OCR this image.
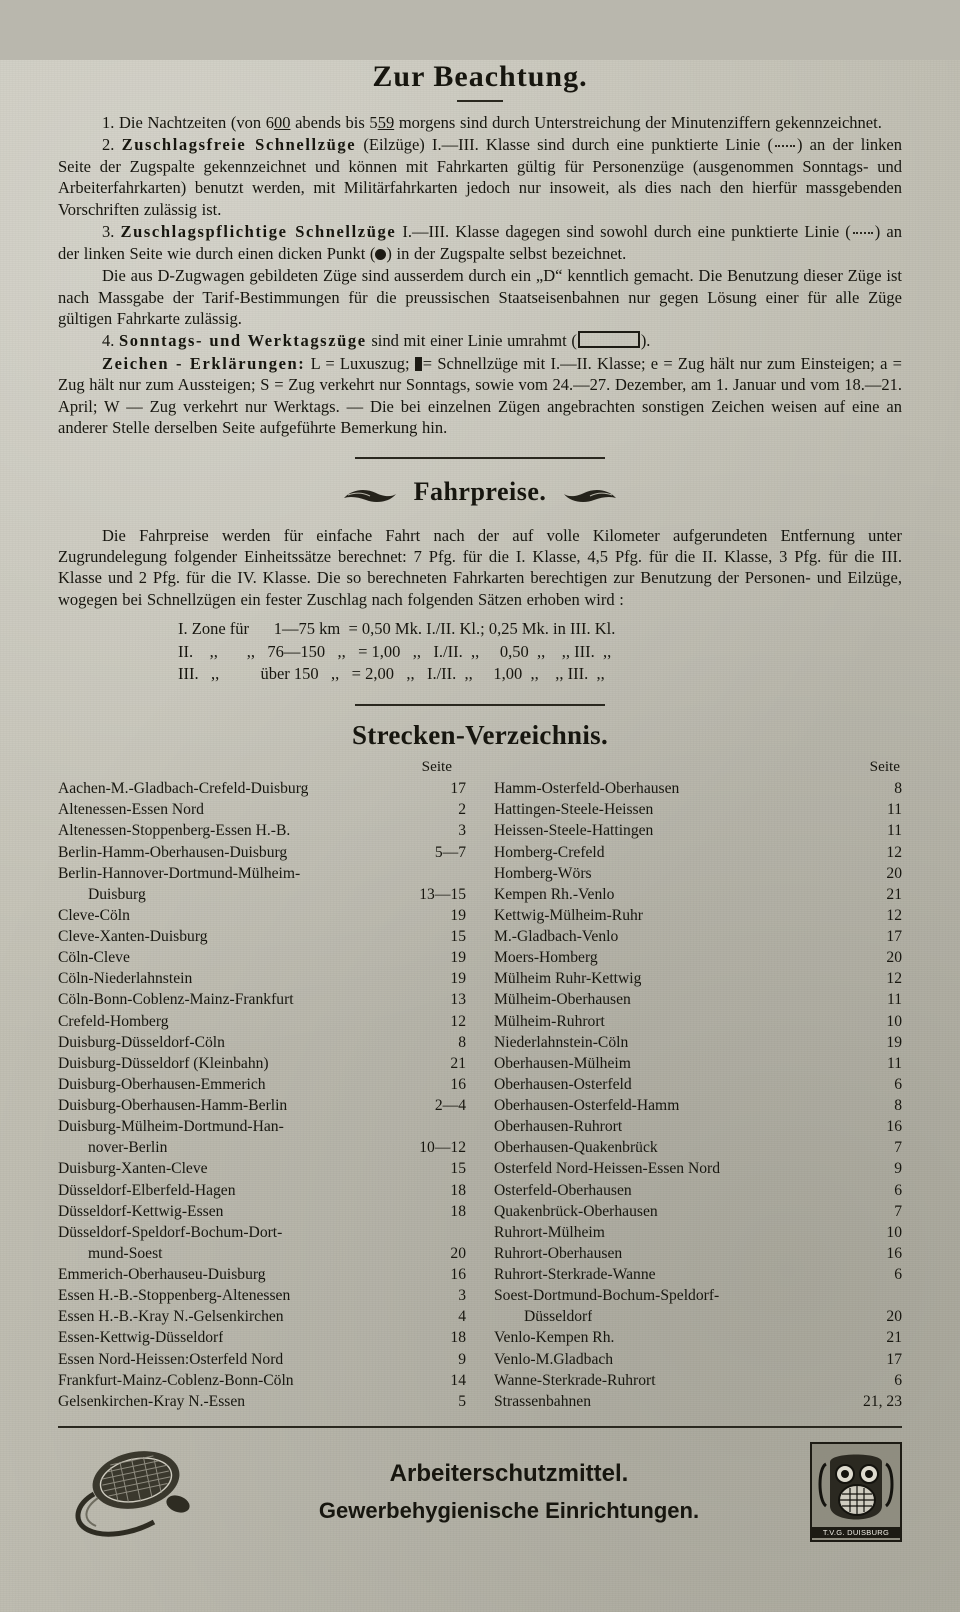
Zur Beachtung.

1. Die Nachtzeiten (von 600 abends bis 559 morgens sind durch Unterstreichung der Minutenziffern gekennzeichnet.

2. Zuschlagsfreie Schnellzüge (Eilzüge) I.—III. Klasse sind durch eine punktierte Linie ( ) an der linken Seite der Zugspalte gekennzeichnet und können mit Fahrkarten gültig für Personenzüge (ausgenommen Sonntags- und Arbeiterfahrkarten) benutzt werden, mit Militärfahrkarten jedoch nur insoweit, als dies nach den hierfür massgebenden Vorschriften zulässig ist.

3. Zuschlagspflichtige Schnellzüge I.—III. Klasse dagegen sind sowohl durch eine punktierte Linie ( ) an der linken Seite wie durch einen dicken Punkt ( ) in der Zugspalte selbst bezeichnet.

Die aus D-Zugwagen gebildeten Züge sind ausserdem durch ein „D“ kenntlich gemacht. Die Benutzung dieser Züge ist nach Massgabe der Tarif-Bestimmungen für die preussischen Staatseisenbahnen nur gegen Lösung einer für alle Züge gültigen Fahrkarte zulässig.

4. Sonntags- und Werktagszüge sind mit einer Linie umrahmt (	).

Zeichen - Erklärungen: L = Luxuszug; = Schnellzüge mit I.—II. Klasse; e = Zug hält nur zum Einsteigen; a = Zug hält nur zum Aussteigen; S = Zug verkehrt nur Sonntags, sowie vom 24.—27. Dezember, am 1. Januar und vom 18.—21. April; W — Zug verkehrt nur Werktags. — Die bei einzelnen Zügen angebrachten sonstigen Zeichen weisen auf eine an anderer Stelle derselben Seite aufgeführte Bemerkung hin.

Fahrpreise.

Die Fahrpreise werden für einfache Fahrt nach der auf volle Kilometer aufgerundeten Entfernung unter Zugrundelegung folgender Einheitssätze berechnet: 7 Pfg. für die I. Klasse, 4,5 Pfg. für die II. Klasse, 3 Pfg. für die III. Klasse und 2 Pfg. für die IV. Klasse. Die so berechneten Fahrkarten berechtigen zur Benutzung der Personen- und Eilzüge, wogegen bei Schnellzügen ein fester Zuschlag nach folgenden Sätzen erhoben wird :

I. Zone für      1—75 km  = 0,50 Mk. I./II. Kl.; 0,25 Mk. in III. Kl.
II.    ,,       ,,   76—150   ,,   = 1,00   ,,   I./II.  ,,     0,50  ,,    ,, III.  ,,
III.   ,,          über 150   ,,   = 2,00   ,,   I./II.  ,,     1,00  ,,    ,, III.  ,,
Strecken-Verzeichnis.
Seite
Aachen-M.-Gladbach-Crefeld-Duisburg	17
Altenessen-Essen Nord	2
Altenessen-Stoppenberg-Essen H.-B.	3
Berlin-Hamm-Oberhausen-Duisburg	5—7
Berlin-Hannover-Dortmund-Mülheim-
Duisburg	13—15
Cleve-Cöln	19
Cleve-Xanten-Duisburg	15
Cöln-Cleve	19
Cöln-Niederlahnstein	19
Cöln-Bonn-Coblenz-Mainz-Frankfurt	13
Crefeld-Homberg	12
Duisburg-Düsseldorf-Cöln	8
Duisburg-Düsseldorf (Kleinbahn)	21
Duisburg-Oberhausen-Emmerich	16
Duisburg-Oberhausen-Hamm-Berlin	2—4
Duisburg-Mülheim-Dortmund-Han-
nover-Berlin	10—12
Duisburg-Xanten-Cleve	15
Düsseldorf-Elberfeld-Hagen	18
Düsseldorf-Kettwig-Essen	18
Düsseldorf-Speldorf-Bochum-Dort-
mund-Soest	20
Emmerich-Oberhauseu-Duisburg	16
Essen H.-B.-Stoppenberg-Altenessen	3
Essen H.-B.-Kray N.-Gelsenkirchen	4
Essen-Kettwig-Düsseldorf	18
Essen Nord-Heissen:Osterfeld Nord	9
Frankfurt-Mainz-Coblenz-Bonn-Cöln	14
Gelsenkirchen-Kray N.-Essen	5
Seite
Hamm-Osterfeld-Oberhausen	8
Hattingen-Steele-Heissen	11
Heissen-Steele-Hattingen	11
Homberg-Crefeld	12
Homberg-Wörs	20
Kempen Rh.-Venlo	21
Kettwig-Mülheim-Ruhr	12
M.-Gladbach-Venlo	17
Moers-Homberg	20
Mülheim Ruhr-Kettwig	12
Mülheim-Oberhausen	11
Mülheim-Ruhrort	10
Niederlahnstein-Cöln	19
Oberhausen-Mülheim	11
Oberhausen-Osterfeld	6
Oberhausen-Osterfeld-Hamm	8
Oberhausen-Ruhrort	16
Oberhausen-Quakenbrück	7
Osterfeld Nord-Heissen-Essen Nord	9
Osterfeld-Oberhausen	6
Quakenbrück-Oberhausen	7
Ruhrort-Mülheim	10
Ruhrort-Oberhausen	16
Ruhrort-Sterkrade-Wanne	6
Soest-Dortmund-Bochum-Speldorf-
Düsseldorf	20
Venlo-Kempen Rh.	21
Venlo-M.Gladbach	17
Wanne-Sterkrade-Ruhrort	6
Strassenbahnen	21, 23
Arbeiterschutzmittel.
Gewerbehygienische Einrichtungen.
T.V.G. DUISBURG
